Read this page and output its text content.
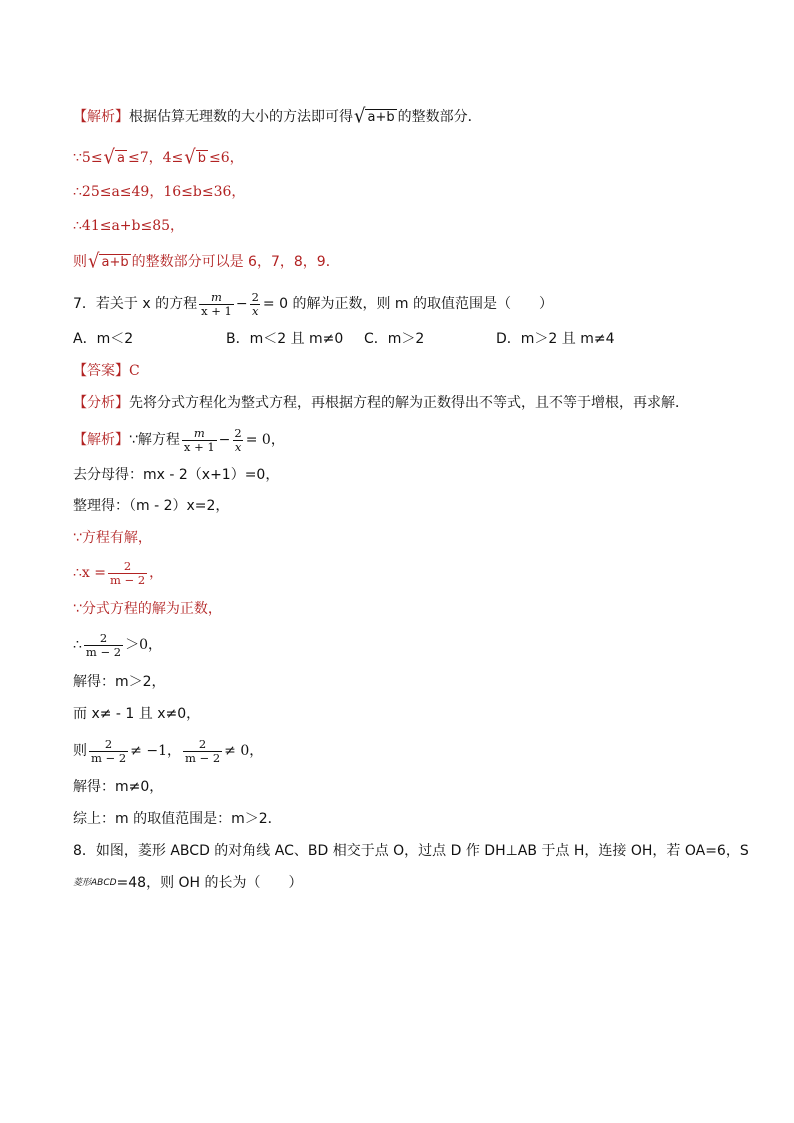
【解析】 根据估算无理数的大小的方法即可得 √ a+b 的整数部分．
∵5≤ √ a ≤7，4≤ √ b ≤6，
∴25≤a≤49，16≤b≤36，
∴41≤a+b≤85，
则 √ a+b 的整数部分可以是 6，7，8，9．
7．若关于 x 的方程 $\frac{m}{x + 1} - \frac{2}{x} = 0$ 的解为正数，则 m 的取值范围是（　　）
A．m＜2	B．m＜2 且 m≠0 C．m＞2	D．m＞2 且 m≠4
【答案】 C
【分析】 先将分式方程化为整式方程，再根据方程的解为正数得出不等式，且不等于增根，再求解．
【解析】 ∵解方程 $\frac{m}{x + 1} - \frac{2}{x} = 0$，
去分母得：mx - 2（x+1）=0，
整理得：（m - 2）x=2，
∵方程有解，
∴x = $\frac{2}{m - 2}$ ，
∵分式方程的解为正数，
∴ $\frac{2}{m - 2} >0$，
解得：m＞2，
而 x≠ - 1 且 x≠0，
则 $\frac{2}{m - 2} \ne -1$， $\frac{2}{m - 2} \ne 0$，
解得：m≠0，
综上：m 的取值范围是：m＞2．
8．如图，菱形 ABCD 的对角线 AC、BD 相交于点 O，过点 D 作 DH⊥AB 于点 H，连接 OH，若 OA=6，S
菱形ABCD =48，则 OH 的长为（　　）
